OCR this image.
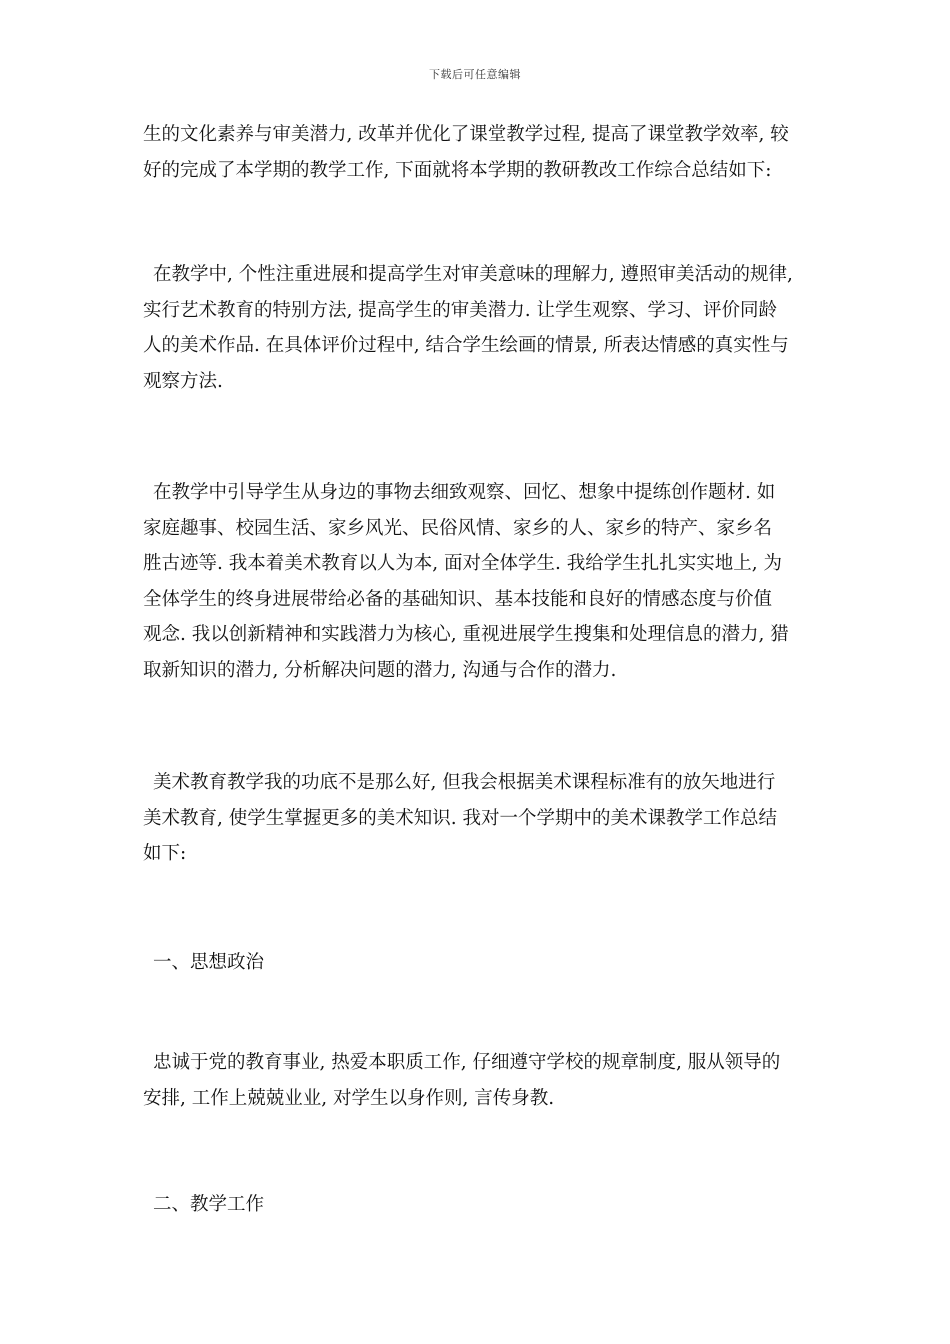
下载后可任意编辑
生的文化素养与审美潜力, 改革并优化了课堂教学过程, 提高了课堂教学效率, 较
好的完成了本学期的教学工作, 下面就将本学期的教研教改工作综合总结如下:
在教学中, 个性注重进展和提高学生对审美意味的理解力, 遵照审美活动的规律,
实行艺术教育的特别方法, 提高学生的审美潜力. 让学生观察、学习、评价同龄
人的美术作品. 在具体评价过程中, 结合学生绘画的情景, 所表达情感的真实性与
观察方法.
在教学中引导学生从身边的事物去细致观察、回忆、想象中提练创作题材. 如
家庭趣事、校园生活、家乡风光、民俗风情、家乡的人、家乡的特产、家乡名
胜古迹等. 我本着美术教育以人为本, 面对全体学生. 我给学生扎扎实实地上, 为
全体学生的终身进展带给必备的基础知识、基本技能和良好的情感态度与价值
观念. 我以创新精神和实践潜力为核心, 重视进展学生搜集和处理信息的潜力, 猎
取新知识的潜力, 分析解决问题的潜力, 沟通与合作的潜力.
美术教育教学我的功底不是那么好, 但我会根据美术课程标准有的放矢地进行
美术教育, 使学生掌握更多的美术知识. 我对一个学期中的美术课教学工作总结
如下:
一、思想政治
忠诚于党的教育事业, 热爱本职质工作, 仔细遵守学校的规章制度, 服从领导的
安排, 工作上兢兢业业, 对学生以身作则, 言传身教.
二、教学工作
